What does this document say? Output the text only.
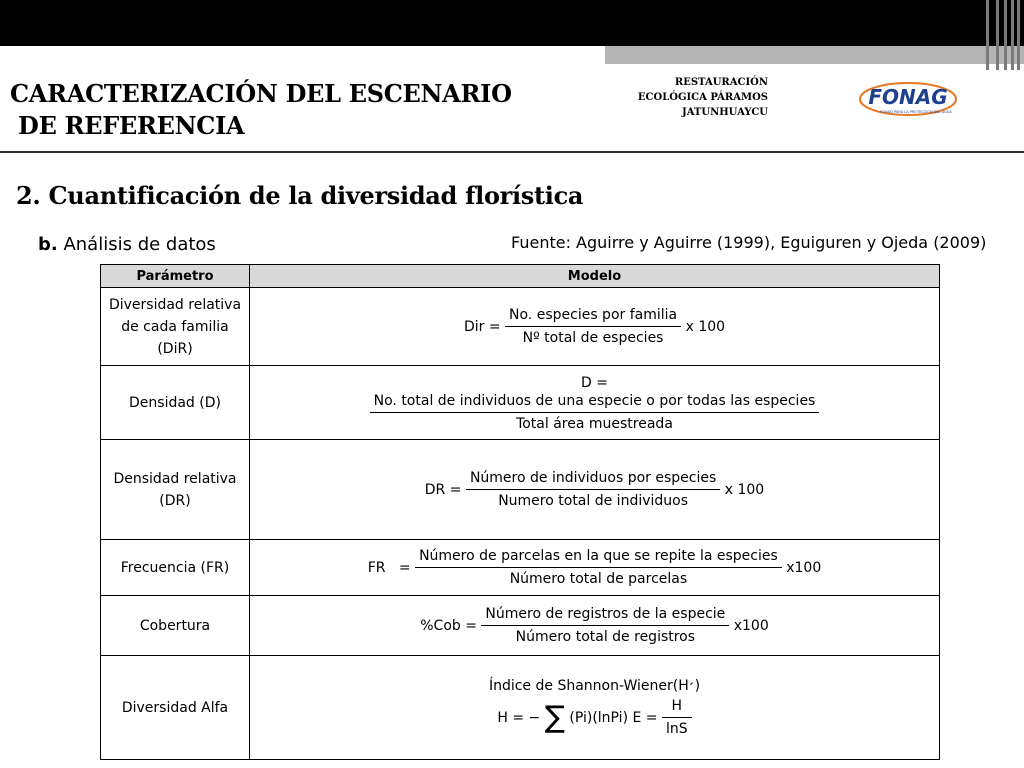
CARACTERIZACIÓN DEL ESCENARIO
DE REFERENCIA
RESTAURACIÓN
ECOLÓGICA PÁRAMOS
JATUNHUAYCU
FONAG
FONDO PARA LA PROTECCIÓN DEL AGUA
2. Cuantificación de la diversidad florística
b. Análisis de datos	Fuente: Aguirre y Aguirre (1999), Eguiguren y Ojeda (2009)
Parámetro	Modelo
Diversidad relativa de cada familia (DiR)	Dir = $\frac{\text{No. especies por familia}}{\text{Nº total de especies}}$ x 100
Densidad (D)	D =
No. total de individuos de una especie o por todas las especies
Total área muestreada

Densidad relativa (DR)	DR = $\frac{\text{Número de individuos por especies}}{\text{Numero total de individuos}}$ x 100
Frecuencia (FR)	FR   = $\frac{\text{Número de parcelas en la que se repite la especies}}{\text{Número total de parcelas}} x100$
Cobertura	$\%Cob = \frac{\text{Número de registros de la especie}}{\text{Número total de registros}} x100$
Diversidad Alfa	Índice de Shannon-Wiener(H׳)
H = − ∑ (Pi)(lnPi) $E = \frac{H}{\ln S}$
